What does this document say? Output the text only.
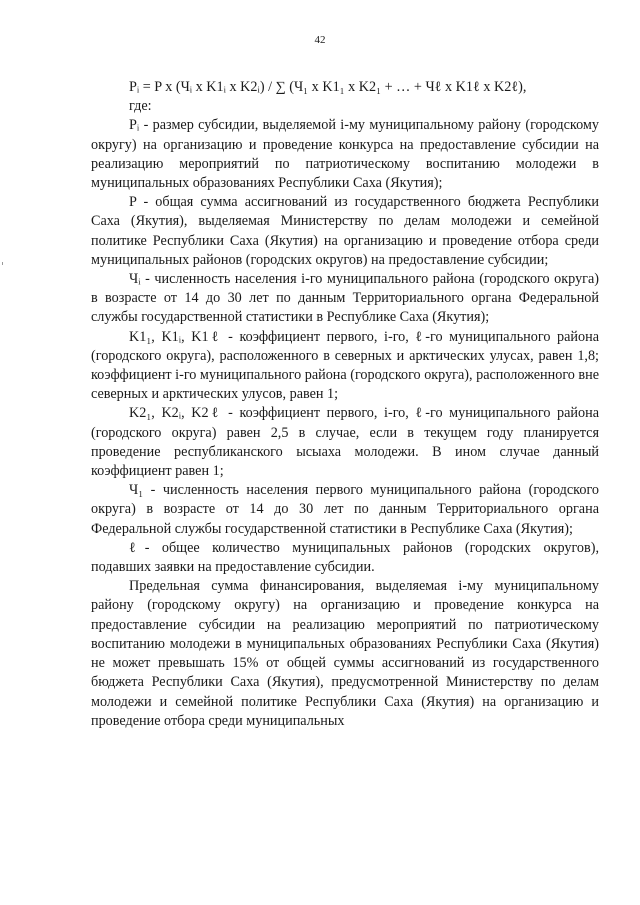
42

Pᵢ = P x (Чᵢ x K1ᵢ x K2ᵢ) / ∑ (Ч₁ x K1₁ x K2₁ + … + Чℓ x K1ℓ x K2ℓ),

где:

Pᵢ - размер субсидии, выделяемой i-му муниципальному району (городскому округу) на организацию и проведение конкурса на предоставление субсидии на реализацию мероприятий по патриотическому воспитанию молодежи в муниципальных образованиях Республики Саха (Якутия);

P - общая сумма ассигнований из государственного бюджета Республики Саха (Якутия), выделяемая Министерству по делам молодежи и семейной политике Республики Саха (Якутия) на организацию и проведение отбора среди муниципальных районов (городских округов) на предоставление субсидии;

Чᵢ - численность населения i-го муниципального района (городского округа) в возрасте от 14 до 30 лет по данным Территориального органа Федеральной службы государственной статистики в Республике Саха (Якутия);

K1₁, K1ᵢ, K1ℓ - коэффициент первого, i-го, ℓ-го муниципального района (городского округа), расположенного в северных и арктических улусах, равен 1,8; коэффициент i-го муниципального района (городского округа), расположенного вне северных и арктических улусов, равен 1;

K2₁, K2ᵢ, K2ℓ - коэффициент первого, i-го, ℓ-го муниципального района (городского округа) равен 2,5 в случае, если в текущем году планируется проведение республиканского ысыаха молодежи. В ином случае данный коэффициент равен 1;

Ч₁ - численность населения первого муниципального района (городского округа) в возрасте от 14 до 30 лет по данным Территориального органа Федеральной службы государственной статистики в Республике Саха (Якутия);

ℓ- общее количество муниципальных районов (городских округов), подавших заявки на предоставление субсидии.

Предельная сумма финансирования, выделяемая i-му муниципальному району (городскому округу) на организацию и проведение конкурса на предоставление субсидии на реализацию мероприятий по патриотическому воспитанию молодежи в муниципальных образованиях Республики Саха (Якутия) не может превышать 15% от общей суммы ассигнований из государственного бюджета Республики Саха (Якутия), предусмотренной Министерству по делам молодежи и семейной политике Республики Саха (Якутия) на организацию и проведение отбора среди муниципальных
